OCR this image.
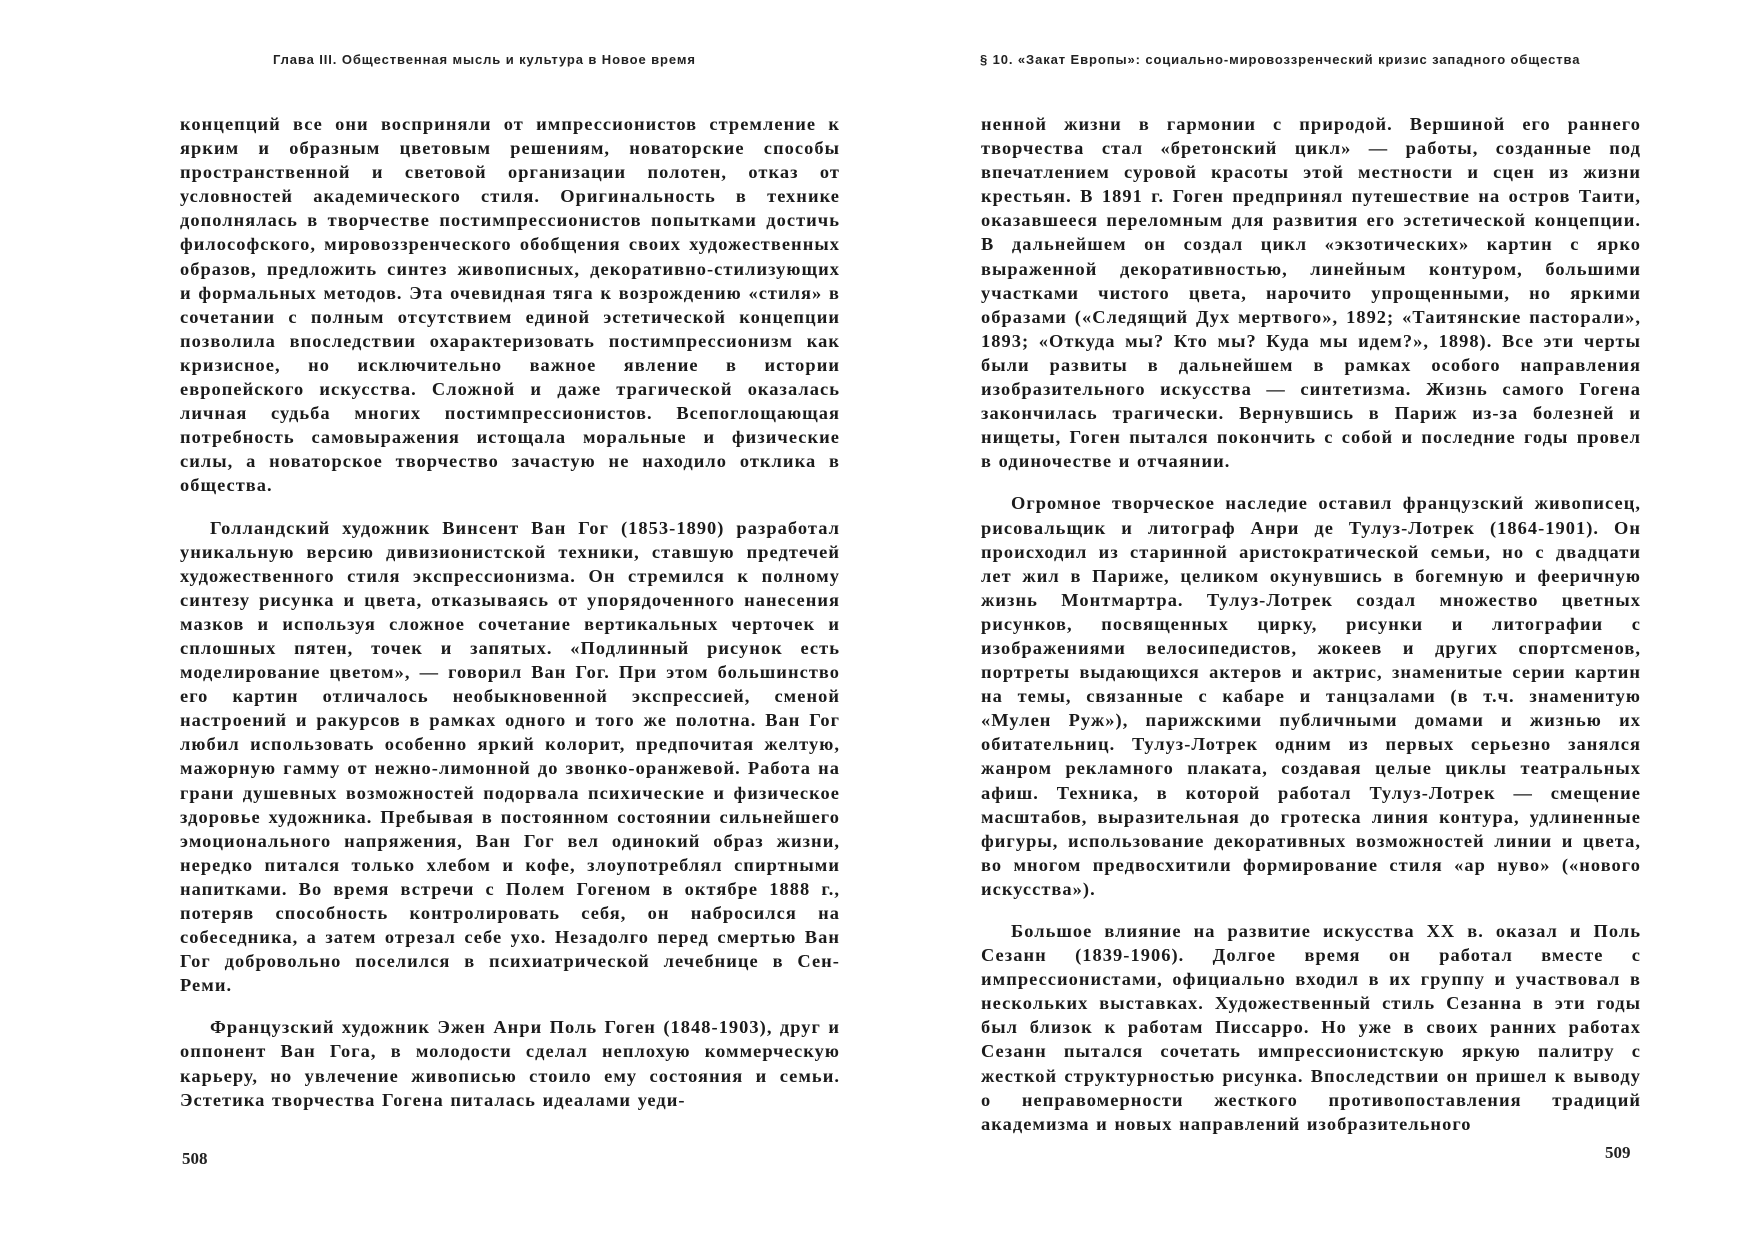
Глава III. Общественная мысль и культура в Новое время

концепций все они восприняли от импрессионистов стремление к ярким и образным цветовым решениям, новаторские способы пространственной и световой организации полотен, отказ от условностей академического стиля. Оригинальность в технике дополнялась в творчестве постимпрессионистов попытками достичь философского, мировоззренческого обобщения своих художественных образов, предложить синтез живописных, декоративно-стилизующих и формальных методов. Эта очевидная тяга к возрождению «стиля» в сочетании с полным отсутствием единой эстетической концепции позволила впоследствии охарактеризовать постимпрессионизм как кризисное, но исключительно важное явление в истории европейского искусства. Сложной и даже трагической оказалась личная судьба многих постимпрессионистов. Всепоглощающая потребность самовыражения истощала моральные и физические силы, а новаторское творчество зачастую не находило отклика в общества.

Голландский художник Винсент Ван Гог (1853-1890) разработал уникальную версию дивизионистской техники, ставшую предтечей художественного стиля экспрессионизма. Он стремился к полному синтезу рисунка и цвета, отказываясь от упорядоченного нанесения мазков и используя сложное сочетание вертикальных черточек и сплошных пятен, точек и запятых. «Подлинный рисунок есть моделирование цветом», — говорил Ван Гог. При этом большинство его картин отличалось необыкновенной экспрессией, сменой настроений и ракурсов в рамках одного и того же полотна. Ван Гог любил использовать особенно яркий колорит, предпочитая желтую, мажорную гамму от нежно-лимонной до звонко-оранжевой. Работа на грани душевных возможностей подорвала психические и физическое здоровье художника. Пребывая в постоянном состоянии сильнейшего эмоционального напряжения, Ван Гог вел одинокий образ жизни, нередко питался только хлебом и кофе, злоупотреблял спиртными напитками. Во время встречи с Полем Гогеном в октябре 1888 г., потеряв способность контролировать себя, он набросился на собеседника, а затем отрезал себе ухо. Незадолго перед смертью Ван Гог добровольно поселился в психиатрической лечебнице в Сен-Реми.

Французский художник Эжен Анри Поль Гоген (1848-1903), друг и оппонент Ван Гога, в молодости сделал неплохую коммерческую карьеру, но увлечение живописью стоило ему состояния и семьи. Эстетика творчества Гогена питалась идеалами уеди-

508
§ 10. «Закат Европы»: социально-мировоззренческий кризис западного общества

ненной жизни в гармонии с природой. Вершиной его раннего творчества стал «бретонский цикл» — работы, созданные под впечатлением суровой красоты этой местности и сцен из жизни крестьян. В 1891 г. Гоген предпринял путешествие на остров Таити, оказавшееся переломным для развития его эстетической концепции. В дальнейшем он создал цикл «экзотических» картин с ярко выраженной декоративностью, линейным контуром, большими участками чистого цвета, нарочито упрощенными, но яркими образами («Следящий Дух мертвого», 1892; «Таитянские пасторали», 1893; «Откуда мы? Кто мы? Куда мы идем?», 1898). Все эти черты были развиты в дальнейшем в рамках особого направления изобразительного искусства — синтетизма. Жизнь самого Гогена закончилась трагически. Вернувшись в Париж из-за болезней и нищеты, Гоген пытался покончить с собой и последние годы провел в одиночестве и отчаянии.

Огромное творческое наследие оставил французский живописец, рисовальщик и литограф Анри де Тулуз-Лотрек (1864-1901). Он происходил из старинной аристократической семьи, но с двадцати лет жил в Париже, целиком окунувшись в богемную и фееричную жизнь Монтмартра. Тулуз-Лотрек создал множество цветных рисунков, посвященных цирку, рисунки и литографии с изображениями велосипедистов, жокеев и других спортсменов, портреты выдающихся актеров и актрис, знаменитые серии картин на темы, связанные с кабаре и танцзалами (в т.ч. знаменитую «Мулен Руж»), парижскими публичными домами и жизнью их обитательниц. Тулуз-Лотрек одним из первых серьезно занялся жанром рекламного плаката, создавая целые циклы театральных афиш. Техника, в которой работал Тулуз-Лотрек — смещение масштабов, выразительная до гротеска линия контура, удлиненные фигуры, использование декоративных возможностей линии и цвета, во многом предвосхитили формирование стиля «ар нуво» («нового искусства»).

Большое влияние на развитие искусства XX в. оказал и Поль Сезанн (1839-1906). Долгое время он работал вместе с импрессионистами, официально входил в их группу и участвовал в нескольких выставках. Художественный стиль Сезанна в эти годы был близок к работам Писсарро. Но уже в своих ранних работах Сезанн пытался сочетать импрессионистскую яркую палитру с жесткой структурностью рисунка. Впоследствии он пришел к выводу о неправомерности жесткого противопоставления традиций академизма и новых направлений изобразительного

509
